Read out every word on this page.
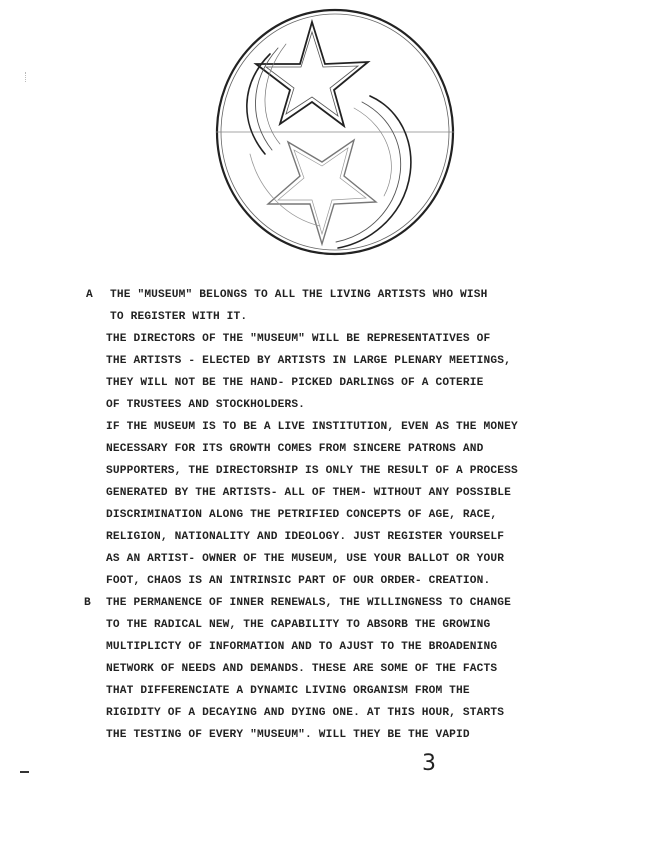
A THE "MUSEUM" BELONGS TO ALL THE LIVING ARTISTS WHO WISH
TO REGISTER WITH IT.
THE DIRECTORS OF THE "MUSEUM" WILL BE REPRESENTATIVES OF
THE ARTISTS - ELECTED BY ARTISTS IN LARGE PLENARY MEETINGS,
THEY WILL NOT BE THE HAND- PICKED DARLINGS OF A COTERIE
OF TRUSTEES AND STOCKHOLDERS.
IF THE MUSEUM IS TO BE A LIVE INSTITUTION, EVEN AS THE MONEY
NECESSARY FOR ITS GROWTH COMES FROM SINCERE PATRONS AND
SUPPORTERS, THE DIRECTORSHIP IS ONLY THE RESULT OF A PROCESS
GENERATED BY THE ARTISTS- ALL OF THEM- WITHOUT ANY POSSIBLE
DISCRIMINATION ALONG THE PETRIFIED CONCEPTS OF AGE, RACE,
RELIGION, NATIONALITY AND IDEOLOGY. JUST REGISTER YOURSELF
AS AN ARTIST- OWNER OF THE MUSEUM, USE YOUR BALLOT OR YOUR
FOOT, CHAOS IS AN INTRINSIC PART OF OUR ORDER- CREATION.
B THE PERMANENCE OF INNER RENEWALS, THE WILLINGNESS TO CHANGE
TO THE RADICAL NEW, THE CAPABILITY TO ABSORB THE GROWING
MULTIPLICTY OF INFORMATION AND TO AJUST TO THE BROADENING
NETWORK OF NEEDS AND DEMANDS. THESE ARE SOME OF THE FACTS
THAT DIFFERENCIATE A DYNAMIC LIVING ORGANISM FROM THE
RIGIDITY OF A DECAYING AND DYING ONE. AT THIS HOUR, STARTS
THE TESTING OF EVERY "MUSEUM". WILL THEY BE THE VAPID
3
